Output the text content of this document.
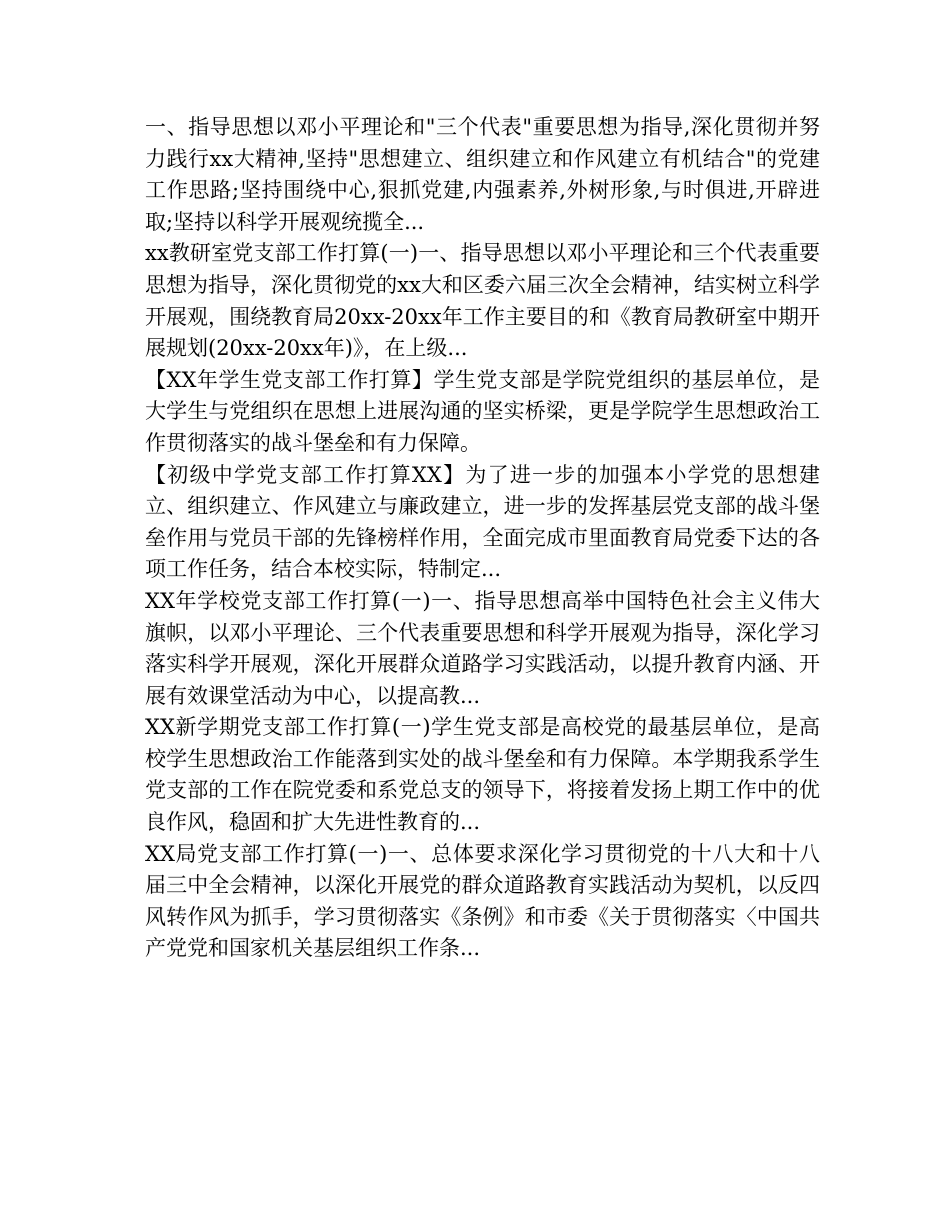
一、指导思想以邓小平理论和"三个代表"重要思想为指导,深化贯彻并努力践行xx大精神,坚持"思想建立、组织建立和作风建立有机结合"的党建工作思路;坚持围绕中心,狠抓党建,内强素养,外树形象,与时俱进,开辟进取;坚持以科学开展观统揽全...

xx教研室党支部工作打算(一)一、指导思想以邓小平理论和三个代表重要思想为指导，深化贯彻党的xx大和区委六届三次全会精神，结实树立科学开展观，围绕教育局20xx-20xx年工作主要目的和《教育局教研室中期开展规划(20xx-20xx年)》，在上级...

【XX年学生党支部工作打算】学生党支部是学院党组织的基层单位，是大学生与党组织在思想上进展沟通的坚实桥梁，更是学院学生思想政治工作贯彻落实的战斗堡垒和有力保障。

【初级中学党支部工作打算XX】为了进一步的加强本小学党的思想建立、组织建立、作风建立与廉政建立，进一步的发挥基层党支部的战斗堡垒作用与党员干部的先锋榜样作用，全面完成市里面教育局党委下达的各项工作任务，结合本校实际，特制定...

XX年学校党支部工作打算(一)一、指导思想高举中国特色社会主义伟大旗帜，以邓小平理论、三个代表重要思想和科学开展观为指导，深化学习落实科学开展观，深化开展群众道路学习实践活动，以提升教育内涵、开展有效课堂活动为中心，以提高教...

XX新学期党支部工作打算(一)学生党支部是高校党的最基层单位，是高校学生思想政治工作能落到实处的战斗堡垒和有力保障。本学期我系学生党支部的工作在院党委和系党总支的领导下，将接着发扬上期工作中的优良作风，稳固和扩大先进性教育的...

XX局党支部工作打算(一)一、总体要求深化学习贯彻党的十八大和十八届三中全会精神，以深化开展党的群众道路教育实践活动为契机，以反四风转作风为抓手，学习贯彻落实《条例》和市委《关于贯彻落实〈中国共产党党和国家机关基层组织工作条...
